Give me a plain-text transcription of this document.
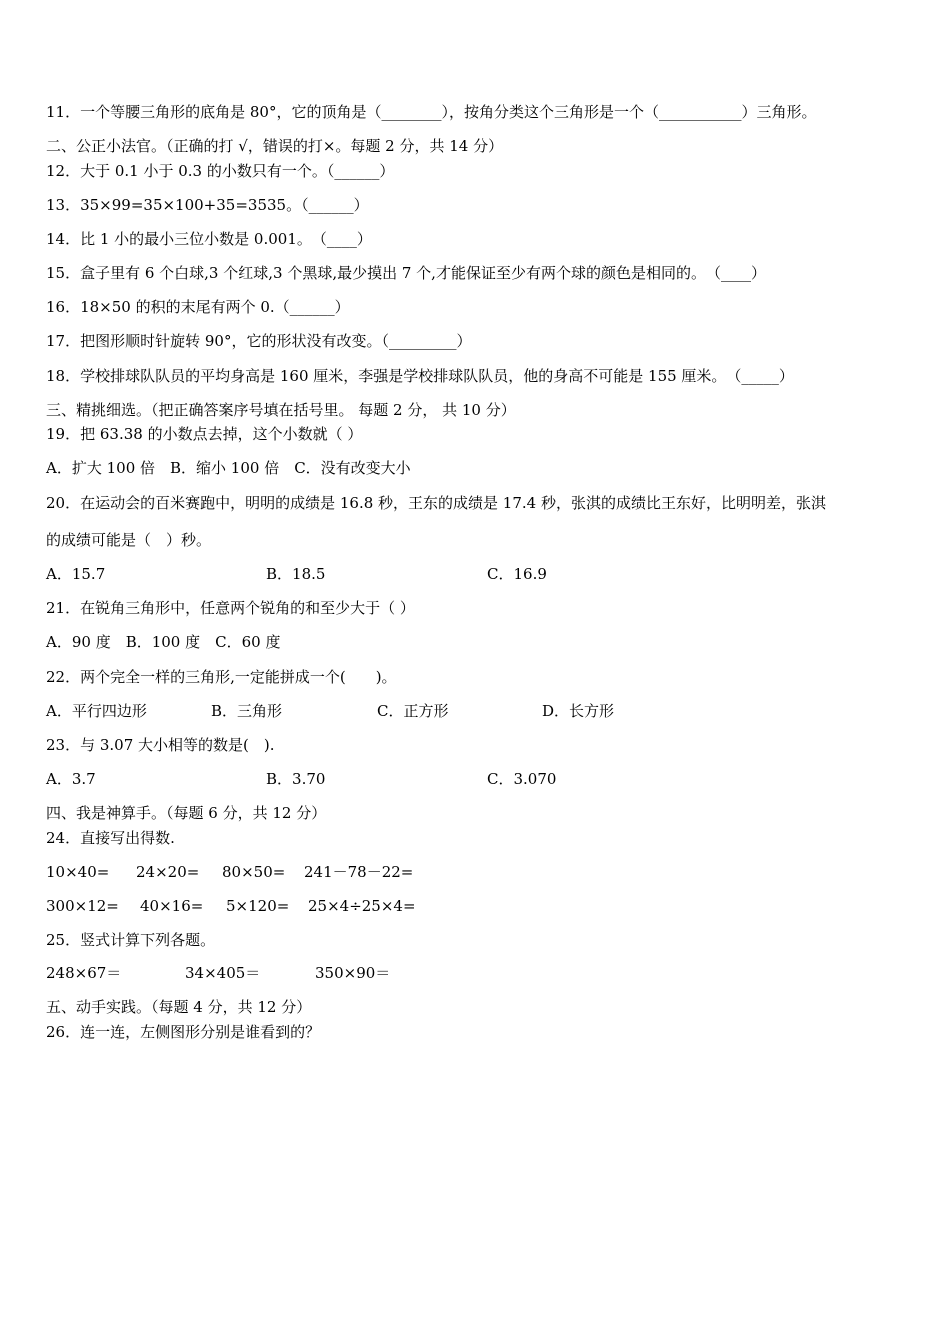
11．一个等腰三角形的底角是 80°，它的顶角是（________），按角分类这个三角形是一个（___________）三角形。
二、公正小法官。（正确的打 √，错误的打×。每题 2 分，共 14 分）
12．大于 0.1 小于 0.3 的小数只有一个。（______）
13．35×99=35×100+35=3535。（______）
14．比 1 小的最小三位小数是 0.001。　（____）
15．盒子里有 6 个白球,3 个红球,3 个黑球,最少摸出 7 个,才能保证至少有两个球的颜色是相同的。　（____）
16．18×50 的积的末尾有两个 0.（______）
17．把图形顺时针旋转 90°，它的形状没有改变。（_________）
18．学校排球队队员的平均身高是 160 厘米，李强是学校排球队队员，他的身高不可能是 155 厘米。　（_____）
三、精挑细选。（把正确答案序号填在括号里。 每题 2 分， 共 10 分）
19．把 63.38 的小数点去掉，这个小数就（ ）
A．扩大 100 倍　B．缩小 100 倍　C．没有改变大小
20．在运动会的百米赛跑中，明明的成绩是 16.8 秒，王东的成绩是 17.4 秒，张淇的成绩比王东好，比明明差，张淇
的成绩可能是（　）秒。
A．15.7	B．18.5	C．16.9
21．在锐角三角形中，任意两个锐角的和至少大于（ ）
A．90 度　B．100 度　C．60 度
22．两个完全一样的三角形,一定能拼成一个(　　)。
A．平行四边形	B．三角形	C．正方形	D．长方形
23．与 3.07 大小相等的数是(　).
A．3.7	B．3.70	C．3.070
四、我是神算手。（每题 6 分，共 12 分）
24．直接写出得数.
10×40= 24×20= 80×50= 241－78－22=
300×12= 40×16= 5×120= 25×4÷25×4=
25．竖式计算下列各题。
248×67＝	34×405＝	350×90＝
五、动手实践。（每题 4 分，共 12 分）
26．连一连，左侧图形分别是谁看到的？
